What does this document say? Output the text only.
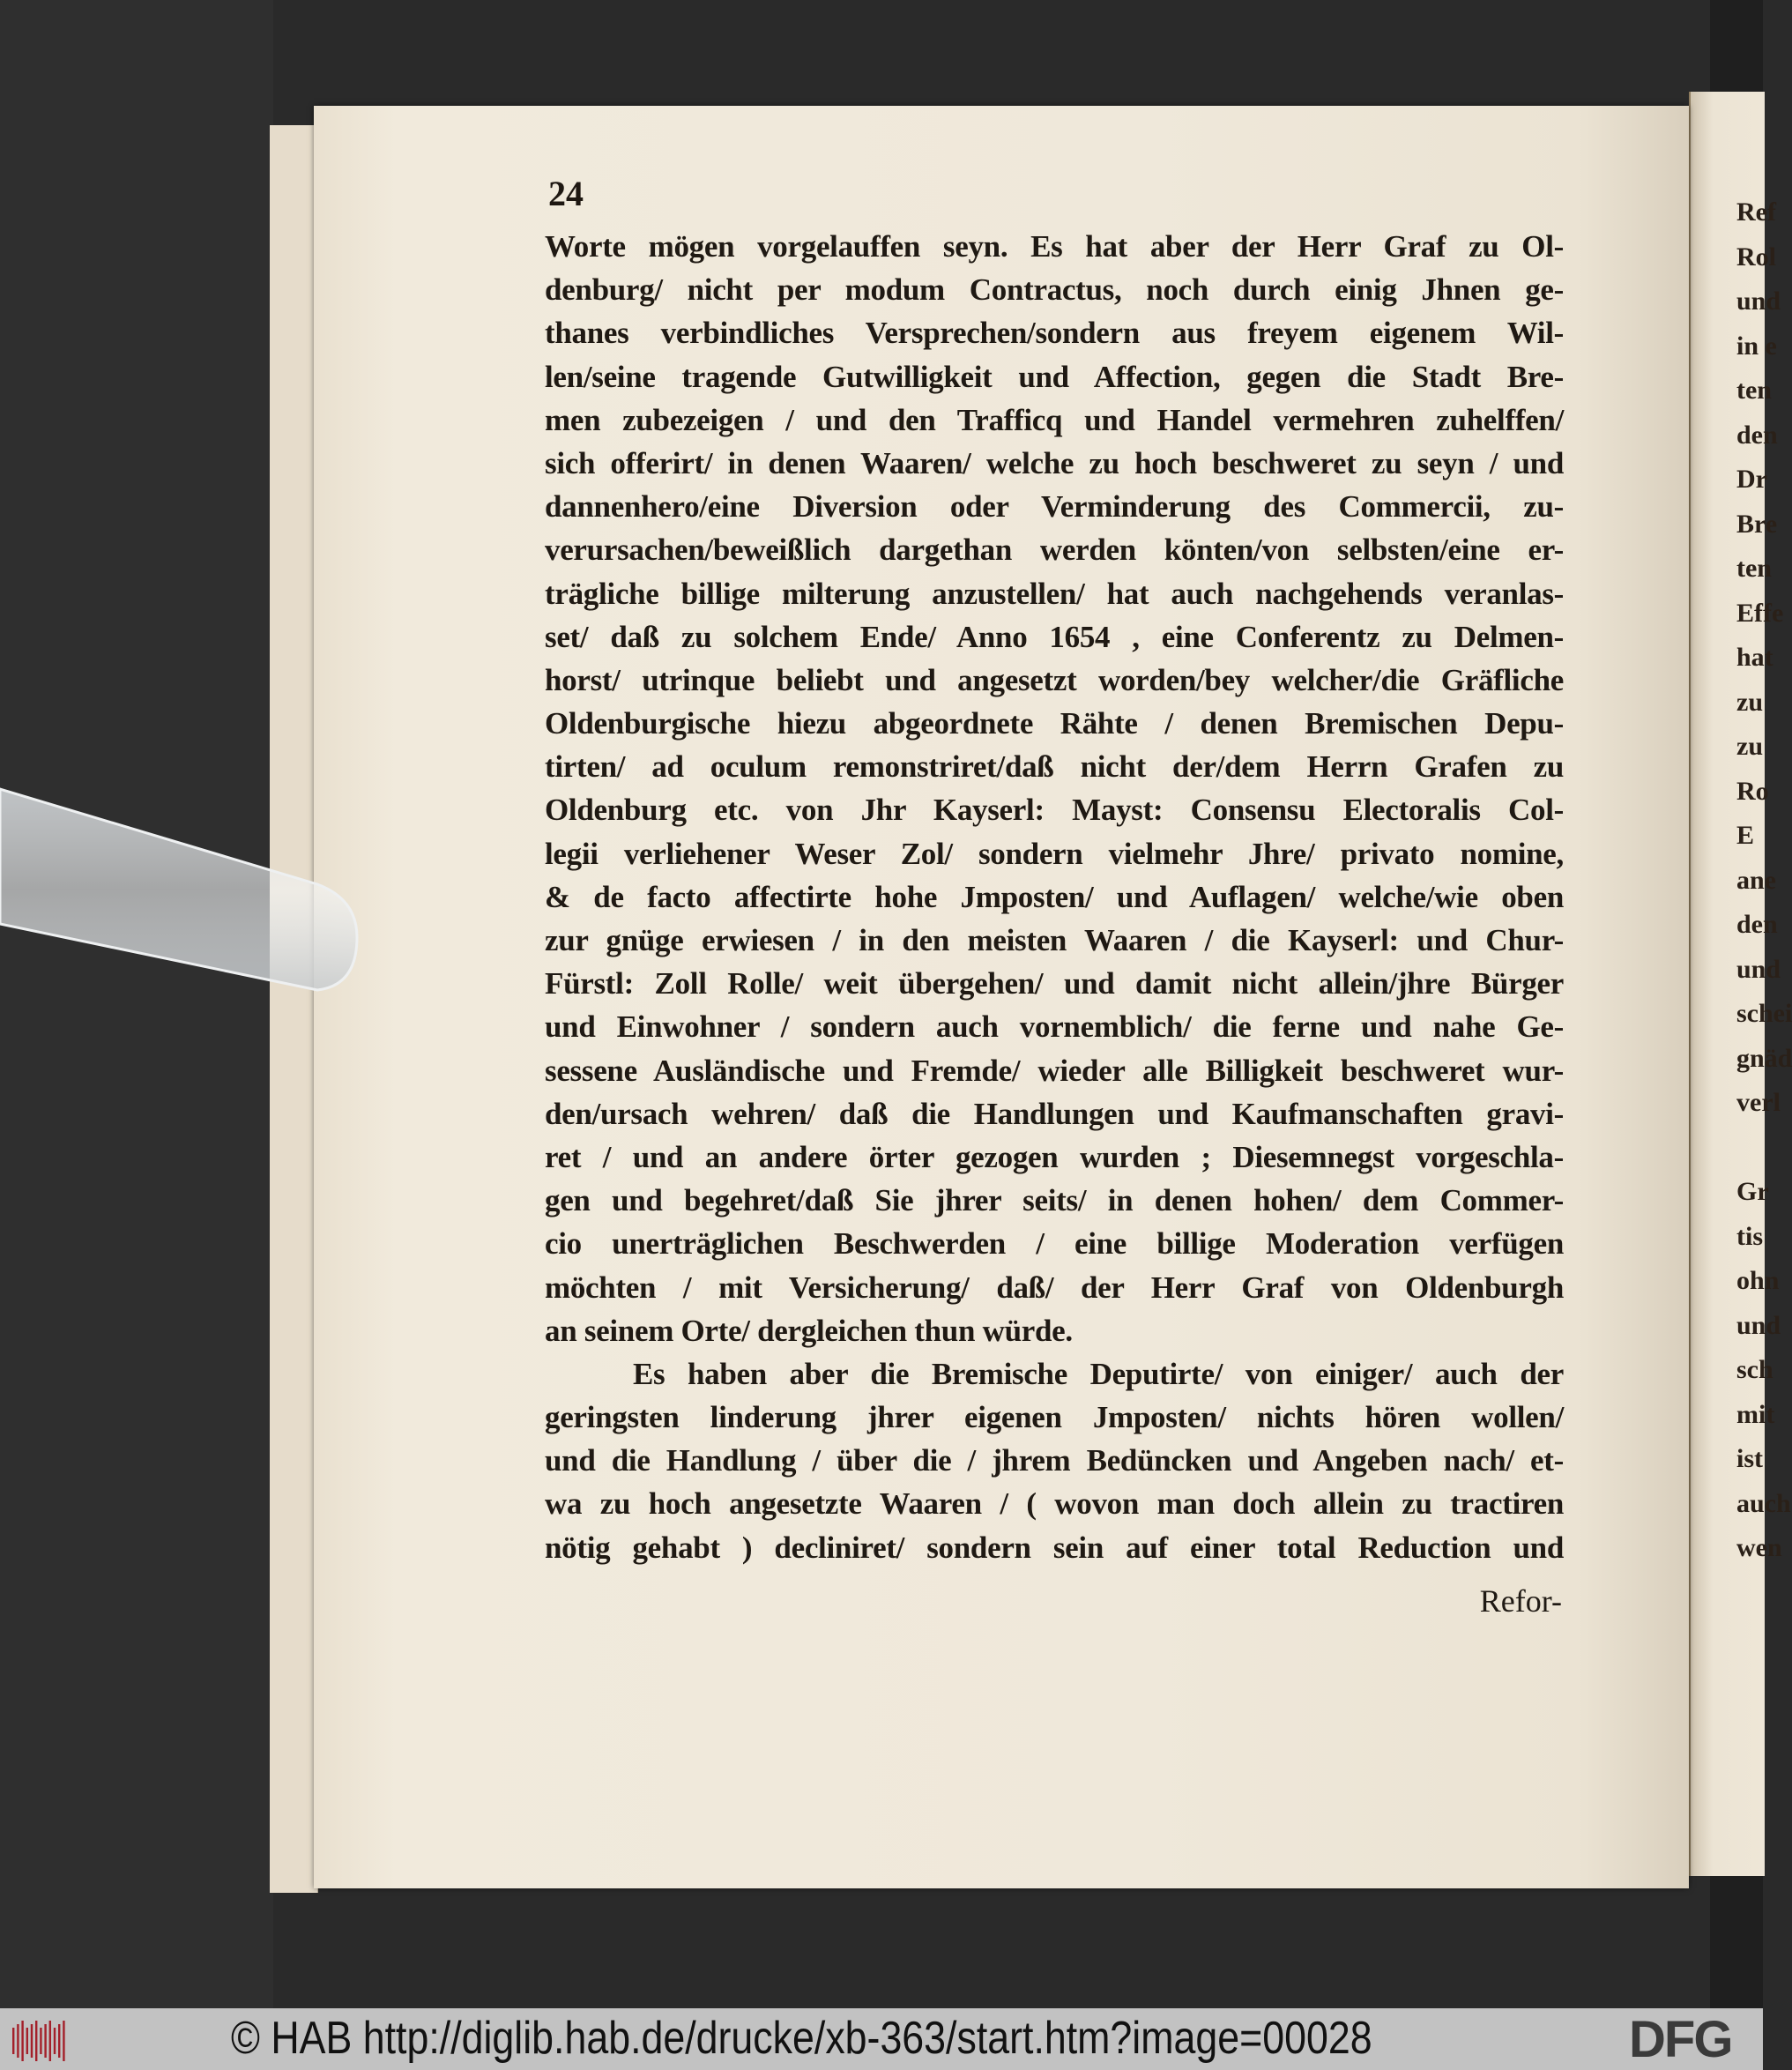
Ref
Rol
und
in e
ten
den
Dr
Bre
ten
Effe
hat
zu
zu
Ro
E
ane
den
und
schei
gnäd
verl
Gr
tis
ohn
und
sch
mit
ist
auch
wen
24
Worte mögen vorgelauffen seyn. Es hat aber der Herr Graf zu Ol-
denburg/ nicht per modum Contractus, noch durch einig Jhnen ge-
thanes verbindliches Versprechen/sondern aus freyem eigenem Wil-
len/seine tragende Gutwilligkeit und Affection, gegen die Stadt Bre-
men zubezeigen / und den Trafficq und Handel vermehren zuhelffen/
sich offerirt/ in denen Waaren/ welche zu hoch beschweret zu seyn / und
dannenhero/eine Diversion oder Verminderung des Commercii, zu-
verursachen/beweißlich dargethan werden könten/von selbsten/eine er-
trägliche billige milterung anzustellen/ hat auch nachgehends veranlas-
set/ daß zu solchem Ende/ Anno 1654 , eine Conferentz zu Delmen-
horst/ utrinque beliebt und angesetzt worden/bey welcher/die Gräfliche
Oldenburgische hiezu abgeordnete Rähte / denen Bremischen Depu-
tirten/ ad oculum remonstriret/daß nicht der/dem Herrn Grafen zu
Oldenburg etc. von Jhr Kayserl: Mayst: Consensu Electoralis Col-
legii verliehener Weser Zol/ sondern vielmehr Jhre/ privato nomine,
& de facto affectirte hohe Jmposten/ und Auflagen/ welche/wie oben
zur gnüge erwiesen / in den meisten Waaren / die Kayserl: und Chur-
Fürstl: Zoll Rolle/ weit übergehen/ und damit nicht allein/jhre Bürger
und Einwohner / sondern auch vornemblich/ die ferne und nahe Ge-
sessene Ausländische und Fremde/ wieder alle Billigkeit beschweret wur-
den/ursach wehren/ daß die Handlungen und Kaufmanschaften gravi-
ret / und an andere örter gezogen wurden ; Diesemnegst vorgeschla-
gen und begehret/daß Sie jhrer seits/ in denen hohen/ dem Commer-
cio unerträglichen Beschwerden / eine billige Moderation verfügen
möchten / mit Versicherung/ daß/ der Herr Graf von Oldenburgh
an seinem Orte/ dergleichen thun würde.
Es haben aber die Bremische Deputirte/ von einiger/ auch der
geringsten linderung jhrer eigenen Jmposten/ nichts hören wollen/
und die Handlung / über die / jhrem Bedüncken und Angeben nach/ et-
wa zu hoch angesetzte Waaren / ( wovon man doch allein zu tractiren
nötig gehabt ) decliniret/ sondern sein auf einer total Reduction und
Refor-
© HAB http://diglib.hab.de/drucke/xb-363/start.htm?image=00028	DFG
